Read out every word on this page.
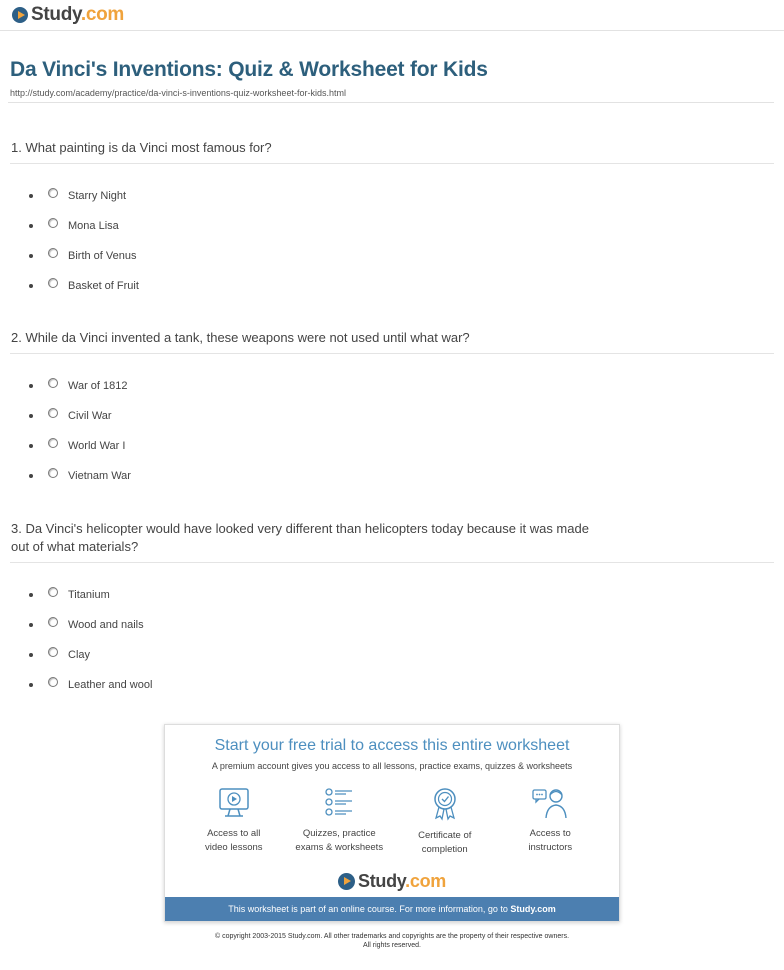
Study.com
Da Vinci's Inventions: Quiz & Worksheet for Kids
http://study.com/academy/practice/da-vinci-s-inventions-quiz-worksheet-for-kids.html

1. What painting is da Vinci most famous for?

Starry Night
Mona Lisa
Birth of Venus
Basket of Fruit

2. While da Vinci invented a tank, these weapons were not used until what war?

War of 1812
Civil War
World War I
Vietnam War

3. Da Vinci's helicopter would have looked very different than helicopters today because it was made
out of what materials?

Titanium
Wood and nails
Clay
Leather and wool
Start your free trial to access this entire worksheet
A premium account gives you access to all lessons, practice exams, quizzes & worksheets
Access to all
video lessons
Quizzes, practice
exams & worksheets
Certificate of
completion
Access to
instructors
Study.com
This worksheet is part of an online course. For more information, go to Study.com
© copyright 2003-2015 Study.com. All other trademarks and copyrights are the property of their respective owners.
All rights reserved.
